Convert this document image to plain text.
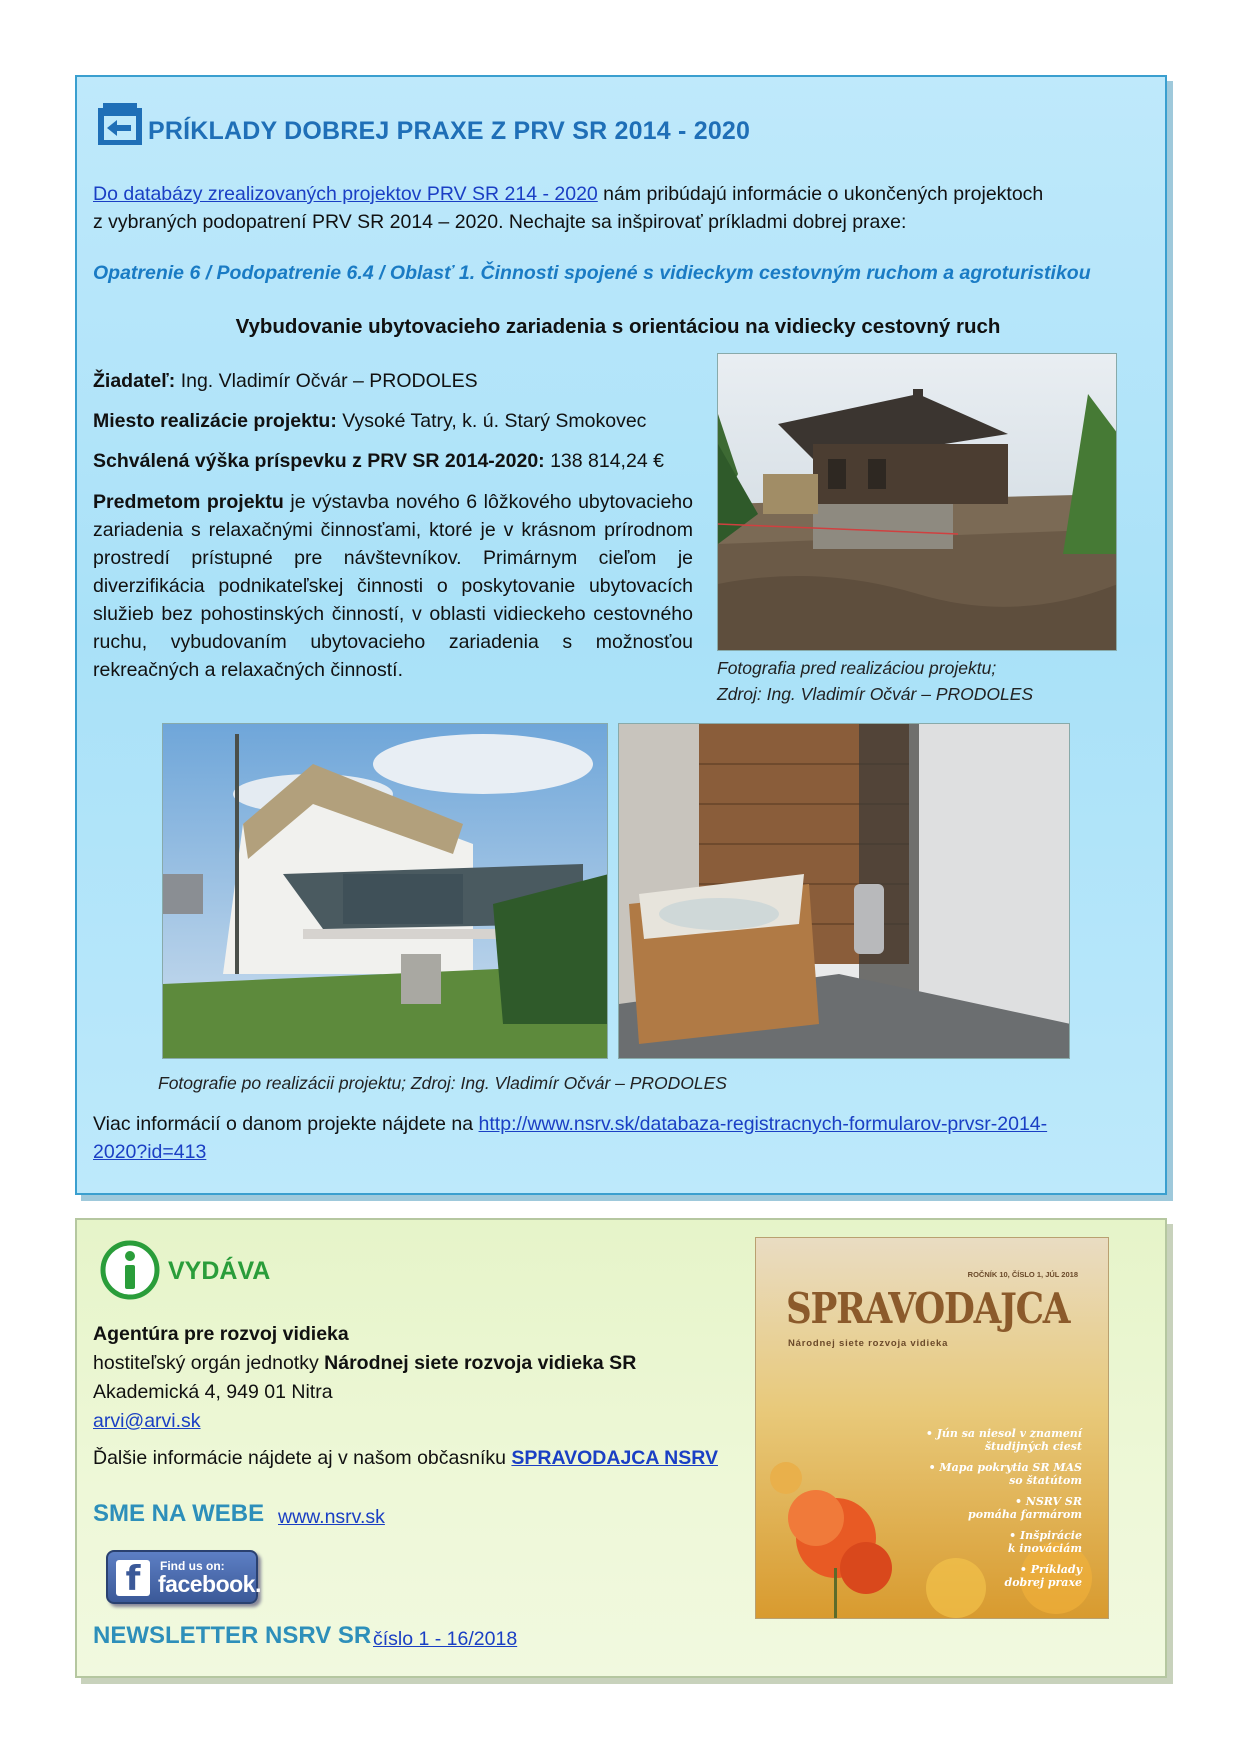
PRÍKLADY DOBREJ PRAXE Z PRV SR 2014 - 2020
Do databázy zrealizovaných projektov PRV SR 214 - 2020 nám pribúdajú informácie o ukončených projektoch
z vybraných podopatrení PRV SR 2014 – 2020. Nechajte sa inšpirovať príkladmi dobrej praxe:
Opatrenie 6 / Podopatrenie 6.4 / Oblasť 1. Činnosti spojené s vidieckym cestovným ruchom a agroturistikou
Vybudovanie ubytovacieho zariadenia s orientáciou na vidiecky cestovný ruch
Žiadateľ: Ing. Vladimír Očvár – PRODOLES
Miesto realizácie projektu: Vysoké Tatry, k. ú. Starý Smokovec
Schválená výška príspevku z PRV SR 2014-2020: 138 814,24 €
Predmetom projektu je výstavba nového 6 lôžkového ubytovacieho zariadenia s relaxačnými činnosťami, ktoré je v krásnom prírodnom prostredí prístupné pre návštevníkov. Primárnym cieľom je diverzifikácia podnikateľskej činnosti o poskytovanie ubytovacích služieb bez pohostinských činností, v oblasti vidieckeho cestovného ruchu, vybudovaním ubytovacieho zariadenia s možnosťou rekreačných a relaxačných činností.	Fotografia pred realizáciou projektu;
Zdroj: Ing. Vladimír Očvár – PRODOLES
Fotografie po realizácii projektu; Zdroj: Ing. Vladimír Očvár – PRODOLES
Viac informácií o danom projekte nájdete na http://www.nsrv.sk/databaza-registracnych-formularov-prvsr-2014-
2020?id=413
VYDÁVA
Agentúra pre rozvoj vidieka
hostiteľský orgán jednotky Národnej siete rozvoja vidieka SR
Akademická 4, 949 01 Nitra
arvi@arvi.sk
Ďalšie informácie nájdete aj v našom občasníku SPRAVODAJCA NSRV
SME NA WEBE www.nsrv.sk
f	Find us on:
facebook.
NEWSLETTER NSRV SR číslo 1 - 16/2018
ROČNÍK 10, ČÍSLO 1, JÚL 2018
SPRAVODAJCA
Národnej siete rozvoja vidieka
• Jún sa niesol v znamení
študijných ciest
• Mapa pokrytia SR MAS
so štatútom
• NSRV SR
pomáha farmárom
• Inšpirácie
k inováciám
• Príklady
dobrej praxe
